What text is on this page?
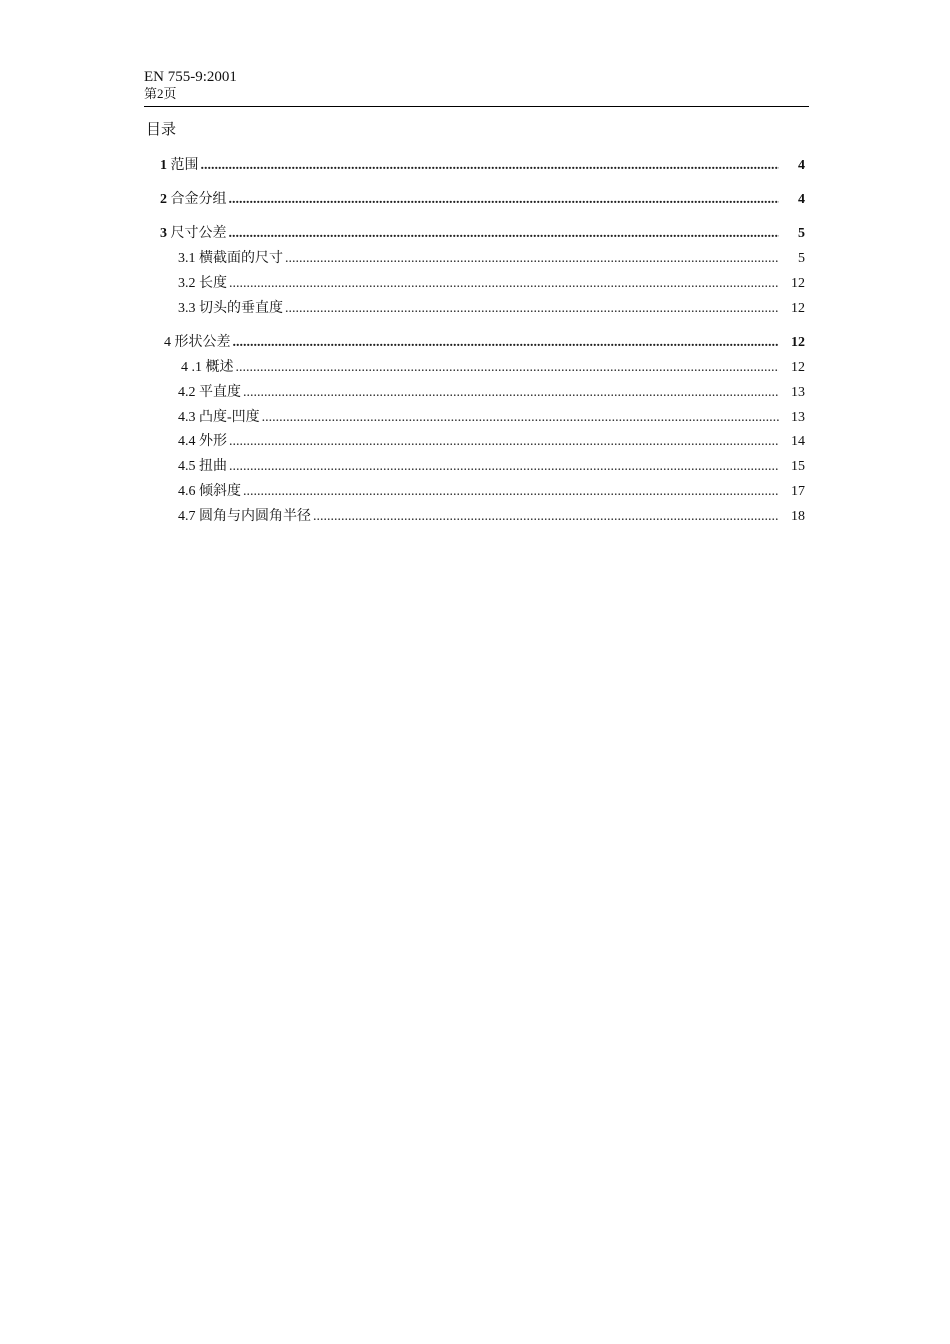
EN 755-9:2001
第2页
目录
1 范围 .....	4
2 合金分组 .....	4
3 尺寸公差 .....	5
3.1 横截面的尺寸 .....	5
3.2 长度 .....	12
3.3 切头的垂直度 .....	12
4 形状公差 .....	12
4 .1 概述 .....	12
4.2 平直度 .....	13
4.3 凸度-凹度 .....	13
4.4 外形 .....	14
4.5 扭曲 .....	15
4.6 倾斜度 .....	17
4.7 圆角与内圆角半径 .....	18
